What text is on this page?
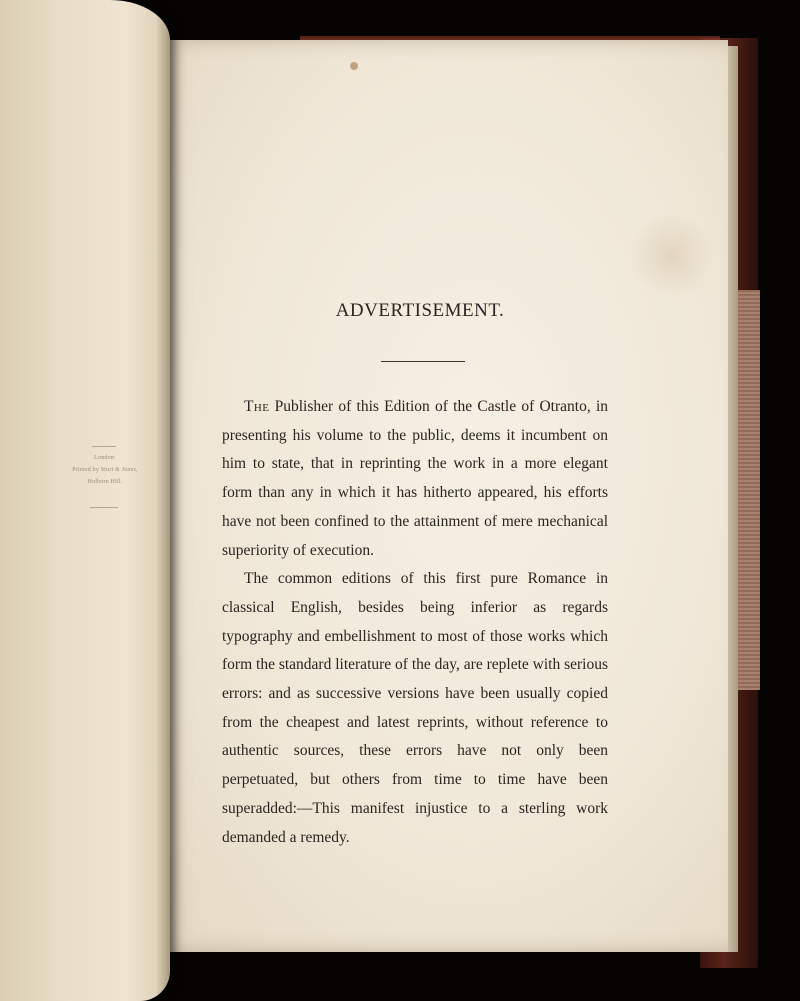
ADVERTISEMENT.

The Publisher of this Edition of the Castle of Otranto, in presenting his volume to the public, deems it incumbent on him to state, that in reprinting the work in a more elegant form than any in which it has hitherto appeared, his efforts have not been confined to the attainment of mere mechanical superiority of execution.

The common editions of this first pure Romance in classical English, besides being inferior as regards typography and embellishment to most of those works which form the standard literature of the day, are replete with serious errors: and as successive versions have been usually copied from the cheapest and latest reprints, without reference to authentic sources, these errors have not only been perpetuated, but others from time to time have been superadded:—This manifest injustice to a sterling work demanded a remedy.

London:
Printed by Sturt & Jones,
Holborn Hill.
